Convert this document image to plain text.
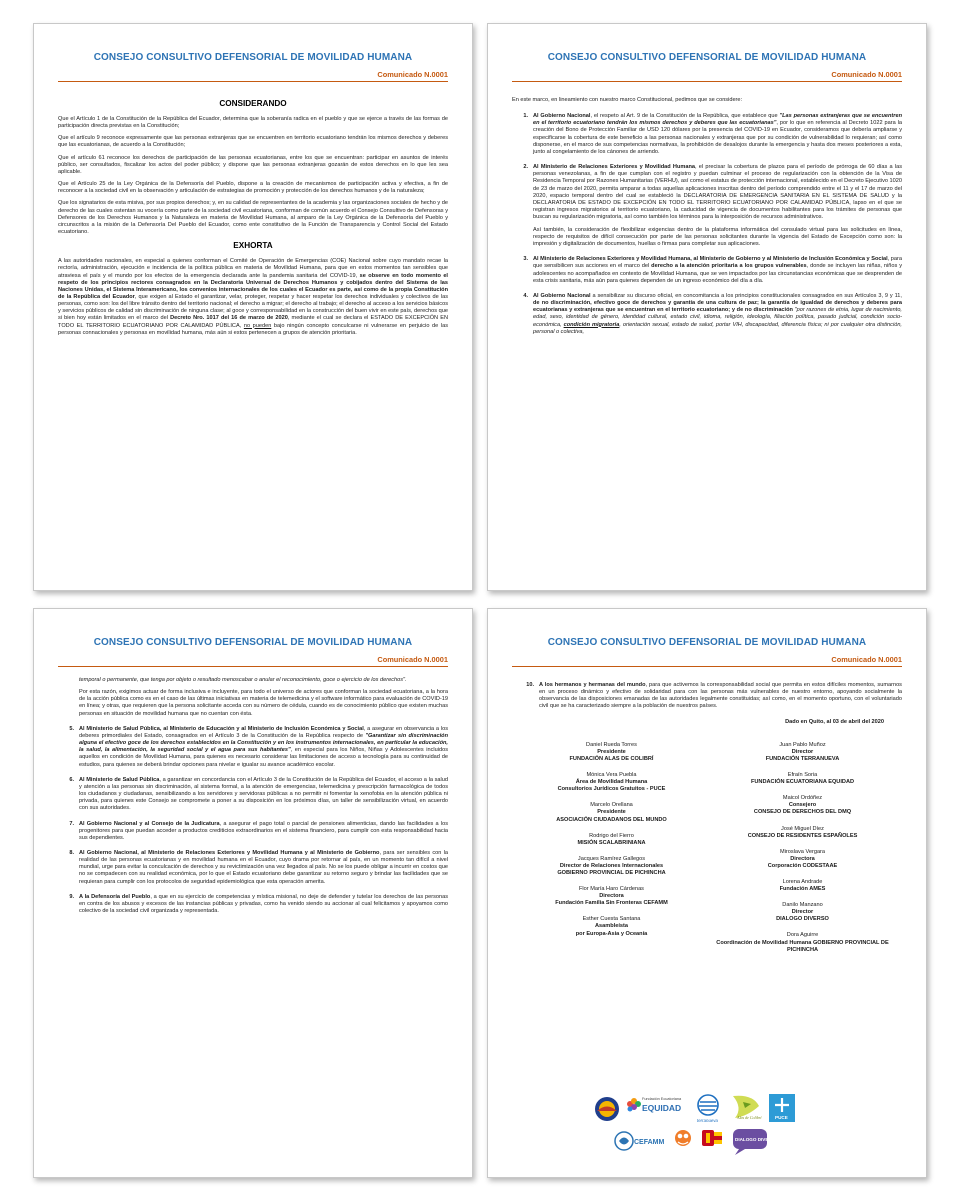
CONSEJO CONSULTIVO DEFENSORIAL DE MOVILIDAD HUMANA
Comunicado N.0001
CONSIDERANDO

Que el Artículo 1 de la Constitución de la República del Ecuador, determina que la soberanía radica en el pueblo y que se ejerce a través de las formas de participación directa previstas en la Constitución;

Que el artículo 9 reconoce expresamente que las personas extranjeras que se encuentren en territorio ecuatoriano tendrán los mismos derechos y deberes que las ecuatorianas, de acuerdo a la Constitución;

Que el artículo 61 reconoce los derechos de participación de las personas ecuatorianas, entre los que se encuentran: participar en asuntos de interés público, ser consultados, fiscalizar los actos del poder público; y dispone que las personas extranjeras gozarán de estos derechos en lo que les sea aplicable.

Que el Artículo 25 de la Ley Orgánica de la Defensoría del Pueblo, dispone a la creación de mecanismos de participación activa y efectiva, a fin de reconocer a la sociedad civil en la observación y articulación de estrategias de promoción y protección de los derechos humanos y de la naturaleza;

Que los signatarios de esta misiva, por sus propios derechos; y, en su calidad de representantes de la academia y las organizaciones sociales de hecho y de derecho de las cuales ostentan su vocería como parte de la sociedad civil ecuatoriana, conforman de común acuerdo el Consejo Consultivo de Defensoras y Defensores de los Derechos Humanos y la Naturaleza en materia de Movilidad Humana, al amparo de la Ley Orgánica de la Defensoría del Pueblo y circunscritos a la misión de la Defensoría Del Pueblo del Ecuador, como ente constitutivo de la Función de Transparencia y Control Social del Estado ecuatoriano.

EXHORTA

A las autoridades nacionales, en especial a quienes conforman el Comité de Operación de Emergencias (COE) Nacional sobre cuyo mandato recae la rectoría, administración, ejecución e incidencia de la política pública en materia de Movilidad Humana, para que en estos momentos tan sensibles que atraviesa el país y el mundo por los efectos de la emergencia declarada ante la pandemia sanitaria del COVID-19, se observe en todo momento el respeto de los principios rectores consagrados en la Declaratoria Universal de Derechos Humanos y cobijados dentro del Sistema de las Naciones Unidas, el Sistema Interamericano, los convenios internacionales de los cuales el Ecuador es parte, así como de la propia Constitución de la República del Ecuador, que exigen al Estado el garantizar, velar, proteger, respetar y hacer respetar los derechos individuales y colectivos de las personas, como son: los del libre tránsito dentro del territorio nacional; el derecho a migrar; el derecho al trabajo; el derecho al acceso a los servicios básicos y servicios públicos de calidad sin discriminación de ninguna clase; al goce y corresponsabilidad en la construcción del buen vivir en este país, derechos que si bien hoy están limitados en el marco del Decreto Nro. 1017 del 16 de marzo de 2020, mediante el cual se declara el ESTADO DE EXCEPCIÓN EN TODO EL TERRITORIO ECUATORIANO POR CALAMIDAD PÚBLICA, no pueden bajo ningún concepto conculcarse ni vulnerarse en perjuicio de las personas connacionales y personas en movilidad humana, más aún si estos pertenecen a grupos de atención prioritaria.

CONSEJO CONSULTIVO DEFENSORIAL DE MOVILIDAD HUMANA
Comunicado N.0001

En este marco, en lineamiento con nuestro marco Constitucional, pedimos que se considere:

1. Al Gobierno Nacional, el respeto al Art. 9 de la Constitución de la República, que establece que "Las personas extranjeras que se encuentren en el territorio ecuatoriano tendrán los mismos derechos y deberes que las ecuatorianas", por lo que en referencia al Decreto 1022 para la creación del Bono de Protección Familiar de USD 120 dólares por la presencia del COVID-19 en Ecuador, consideramos que debería ampliarse y especificarse la cobertura de este beneficio a las personas nacionales y extranjeras que por su condición de vulnerabilidad lo requieran; así como disponerse, en el marco de sus competencias normativas, la prohibición de desalojos durante la emergencia y hasta dos meses posteriores a esta, junto al congelamiento de los cánones de arriendo.
2. Al Ministerio de Relaciones Exteriores y Movilidad Humana, el precisar la cobertura de plazos para el período de prórroga de 60 días a las personas venezolanas, a fin de que cumplan con el registro y puedan culminar el proceso de regularización con la obtención de la Visa de Residencia Temporal por Razones Humanitarias (VERHU), así como el estatus de protección internacional, establecido en el Decreto Ejecutivo 1020 de 23 de marzo del 2020, permita amparar a todas aquellas aplicaciones inscritas dentro del período comprendido entre el 11 y el 17 de marzo del 2020, espacio temporal dentro del cual se estableció la DECLARATORIA DE EMERGENCIA SANITARIA EN EL SISTEMA DE SALUD y la DECLARATORIA DE ESTADO DE EXCEPCIÓN EN TODO EL TERRITORIO ECUATORIANO POR CALAMIDAD PÚBLICA, lapso en el que se registran ingresos migratorios al territorio ecuatoriano, la caducidad de vigencia de documentos habilitantes para los trámites de personas que buscan su regularización migratoria, así como también los términos para la interposición de recursos administrativos.

Así también, la consideración de flexibilizar exigencias dentro de la plataforma informática del consulado virtual para las solicitudes en línea, respecto de requisitos de difícil consecución por parte de las personas solicitantes durante la vigencia del Estado de Excepción como son: la impresión y digitalización de documentos, huellas o firmas para completar sus aplicaciones.

3. Al Ministerio de Relaciones Exteriores y Movilidad Humana, al Ministerio de Gobierno y al Ministerio de Inclusión Económica y Social, para que sensibilicen sus acciones en el marco del derecho a la atención prioritaria a los grupos vulnerables, donde se incluyen las niñas, niños y adolescentes no acompañados en contexto de Movilidad Humana, que se ven impactados por las circunstancias económicas que se desprenden de esta crisis sanitaria, más aún para quienes dependen de un ingreso económico del día a día.
4. Al Gobierno Nacional a sensibilizar su discurso oficial, en concomitancia a los principios constitucionales consagrados en sus Artículos 3, 9 y 11, de no discriminación, efectivo goce de derechos y garantía de una cultura de paz; la garantía de igualdad de derechos y deberes para ecuatorianas y extranjeras que se encuentran en el territorio ecuatoriano; y de no discriminación "por razones de etnia, lugar de nacimiento, edad, sexo, identidad de género, identidad cultural, estado civil, idioma, religión, ideología, filiación política, pasado judicial, condición socio-económica, condición migratoria, orientación sexual, estado de salud, portar VIH, discapacidad, diferencia física; ni por cualquier otra distinción, personal o colectiva,
CONSEJO CONSULTIVO DEFENSORIAL DE MOVILIDAD HUMANA
Comunicado N.0001

temporal o permanente, que tenga por objeto o resultado menoscabar o anular el reconocimiento, goce o ejercicio de los derechos".

Por esta razón, exigimos actuar de forma inclusiva e incluyente, para todo el universo de actores que conforman la sociedad ecuatoriana, a la hora de la acción pública como es en el caso de las últimas iniciativas en materia de telemedicina y el software informático para evaluación de COVID-19 en línea; y otras, que requieren que la persona solicitante acceda con su número de cédula, cuando es de conocimiento público que existen muchas personas en situación de movilidad humana que no cuentan con ésta.

5. Al Ministerio de Salud Pública, al Ministerio de Educación y al Ministerio de Inclusión Económica y Social, a asegurar en observancia a los deberes primordiales del Estado, consagrados en el Artículo 3 de la Constitución de la República respecto de "Garantizar sin discriminación alguna el efectivo goce de los derechos establecidos en la Constitución y en los instrumentos internacionales, en particular la educación, la salud, la alimentación, la seguridad social y el agua para sus habitantes", en especial para los Niños, Niñas y Adolescentes incluidos aquellos en condición de Movilidad Humana, para quienes es necesario considerar las limitaciones de acceso a tecnología para su continuidad de estudios, para quienes se deberá brindar opciones para nivelar e igualar su avance académico escolar.
6. Al Ministerio de Salud Pública, a garantizar en concordancia con el Artículo 3 de la Constitución de la República del Ecuador, el acceso a la salud y atención a las personas sin discriminación, al sistema formal, a la atención de emergencias, telemedicina y prescripción farmacológica de todos los ciudadanos y ciudadanas, sensibilizando a los servidores y servidoras públicas a no permitir ni fomentar la xenofobia en la atención pública ni privada, para quienes este Consejo se compromete a poner a su disposición en los próximos días, un taller de sensibilización virtual, en acuerdo con sus autoridades.
7. Al Gobierno Nacional y al Consejo de la Judicatura, a asegurar el pago total o parcial de pensiones alimenticias, dando las facilidades a los progenitores para que puedan acceder a productos crediticios extraordinarios en el sistema financiero, para cumplir con esta responsabilidad hacia sus dependientes.
8. Al Gobierno Nacional, al Ministerio de Relaciones Exteriores y Movilidad Humana y al Ministerio de Gobierno, para ser sensibles con la realidad de las personas ecuatorianas y en movilidad humana en el Ecuador, cuyo drama por retornar al país, en un momento tan difícil a nivel mundial, urge para evitar la conculcación de derechos y su revictimización una vez llegados al país. No se los puede obligar a incurrir en costos que no se compadecen con su realidad económica, por lo que el Estado ecuatoriano debe garantizar su retorno seguro y brindar las facilidades que se requieran para cumplir con los protocolos de seguridad epidemiológica que esta operación amerita.
9. A la Defensoría del Pueblo, a que en su ejercicio de competencias y mística misional, no deje de defender y tutelar los derechos de las personas en contra de los abusos y excesos de las instancias públicas y privadas, como ha venido siendo su accionar al cual felicitamos y apoyamos como colectivo de la sociedad civil organizada y representada.
CONSEJO CONSULTIVO DEFENSORIAL DE MOVILIDAD HUMANA
Comunicado N.0001
10. A los hermanos y hermanas del mundo, para que activemos la corresponsabilidad social que permita en estos difíciles momentos, sumarnos en un proceso dinámico y efectivo de solidaridad para con las personas más vulnerables de nuestro entorno, apoyando socialmente la observancia de las disposiciones emanadas de las autoridades legalmente constituidas; así como, en el momento oportuno, con el voluntariado civil que se ha caracterizado siempre a la población de nuestros países.
Dado en Quito, al 03 de abril del 2020
Daniel Rueda Torres
Presidente
FUNDACIÓN ALAS DE COLIBRÍ
Mónica Vera Puebla
Área de Movilidad Humana
Consultorios Jurídicos Gratuitos - PUCE
Marcelo Orellana
Presidente
ASOCIACIÓN CIUDADANOS DEL MUNDO
Rodrigo del Fierro
MISIÓN SCALABRINIANA
Jacques Ramírez Gallegos
Director de Relaciones Internacionales
GOBIERNO PROVINCIAL DE PICHINCHA
Flor María Haro Cárdenas
Directora
Fundación Familia Sin Fronteras CEFAMM
Esther Cuesta Santana
Asambleísta
por Europa-Asia y Oceanía
Juan Pablo Muñoz
Director
FUNDACIÓN TERRANUEVA
Efraín Soria
FUNDACIÓN ECUATORIANA EQUIDAD
Maicol Ordóñez
Consejero
CONSEJO DE DERECHOS DEL DMQ
José Miguel Díez
CONSEJO DE RESIDENTES ESPAÑOLES
Miroslava Vergara
Directora
Corporación CODESTAAE
Lorena Andrade
Fundación AMES
Danilo Manzano
Director
DIALOGO DIVERSO
Dora Aguirre
Coordinación de Movilidad Humana GOBIERNO PROVINCIAL DE PICHINCHA
Fundación Ecuatoriana
EQUIDAD
terranueva
Alas de Colibrí	PUCE
CEFAMM	DIALOGO DIVERSO
